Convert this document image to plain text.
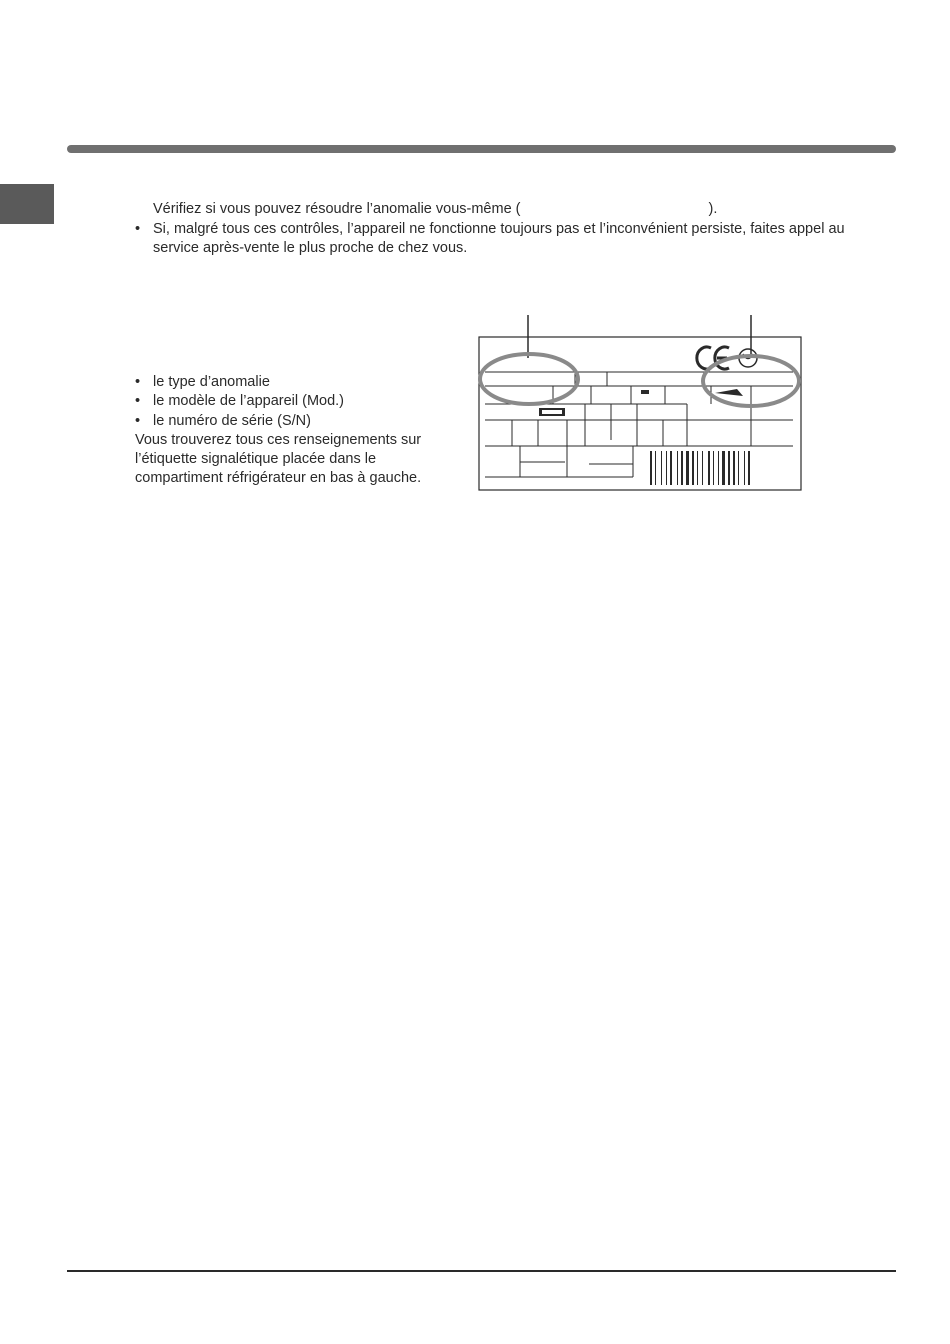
Vérifiez si vous pouvez résoudre l’anomalie vous-même (	).

• Si, malgré tous ces contrôles, l’appareil ne fonctionne toujours pas et l’inconvénient persiste, faites appel au service après-vente le plus proche de chez vous.
• le type d’anomalie
• le modèle de l’appareil (Mod.)
• le numéro de série (S/N)

Vous trouverez tous ces renseignements sur l’étiquette signalétique placée dans le compartiment réfrigérateur en bas à gauche.
